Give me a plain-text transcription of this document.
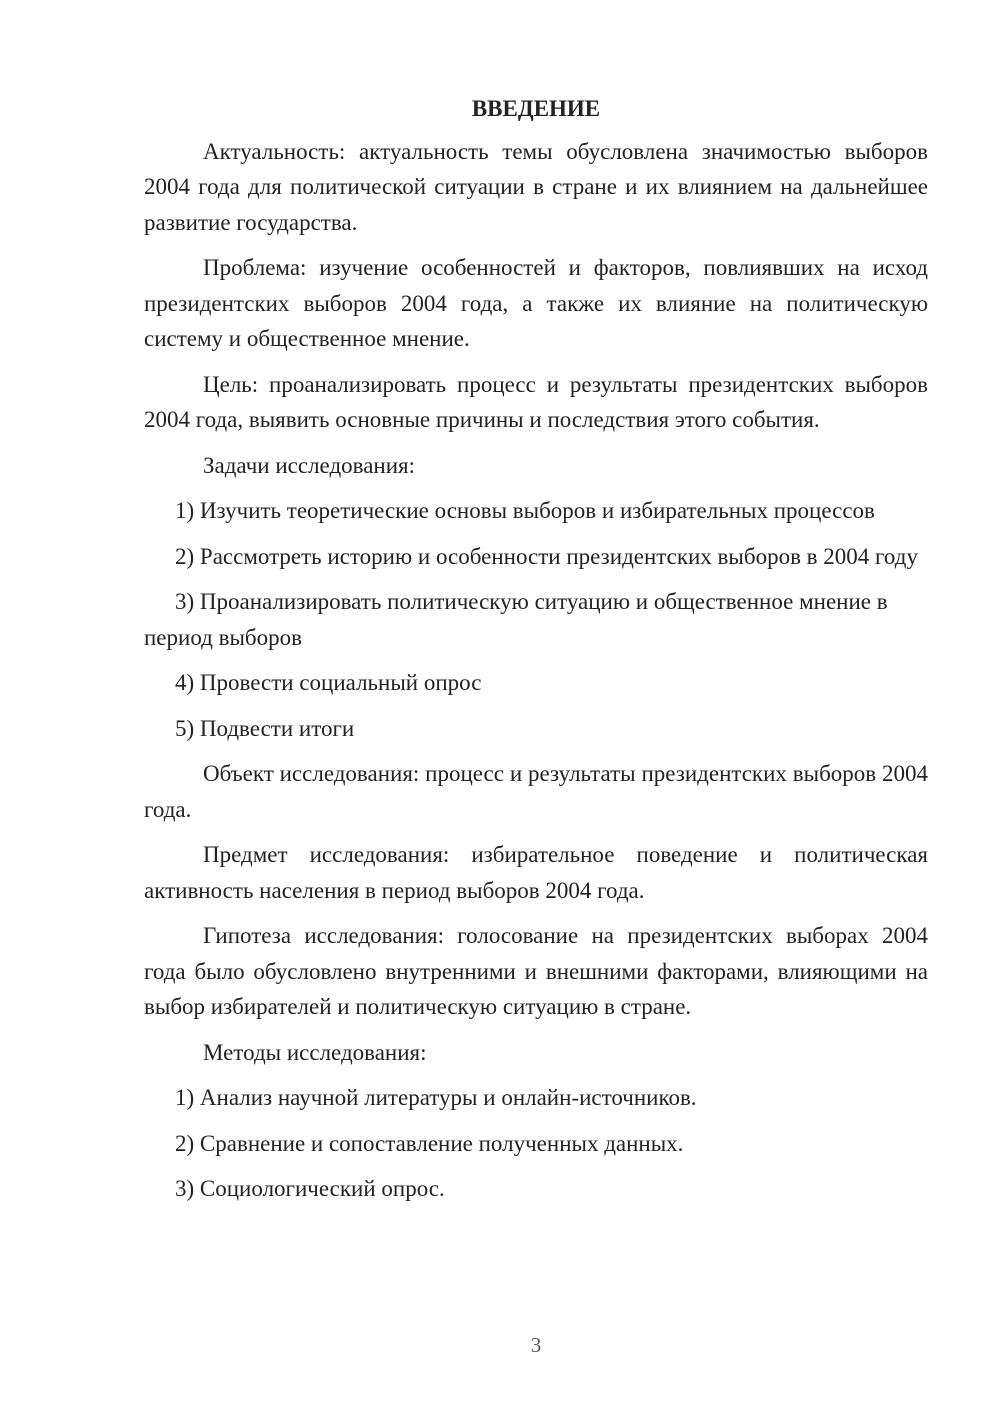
ВВЕДЕНИЕ

Актуальность: актуальность темы обусловлена значимостью выборов 2004 года для политической ситуации в стране и их влиянием на дальнейшее развитие государства.

Проблема: изучение особенностей и факторов, повлиявших на исход президентских выборов 2004 года, а также их влияние на политическую систему и общественное мнение.

Цель: проанализировать процесс и результаты президентских выборов 2004 года, выявить основные причины и последствия этого события.

Задачи исследования:

1) Изучить теоретические основы выборов и избирательных процессов

2) Рассмотреть историю и особенности президентских выборов в 2004 году

3) Проанализировать политическую ситуацию и общественное мнение в период выборов

4) Провести социальный опрос

5) Подвести итоги

Объект исследования: процесс и результаты президентских выборов 2004 года.

Предмет исследования: избирательное поведение и политическая активность населения в период выборов 2004 года.

Гипотеза исследования: голосование на президентских выборах 2004 года было обусловлено внутренними и внешними факторами, влияющими на выбор избирателей и политическую ситуацию в стране.

Методы исследования:

1) Анализ научной литературы и онлайн-источников.

2) Сравнение и сопоставление полученных данных.

3) Социологический опрос.

3
